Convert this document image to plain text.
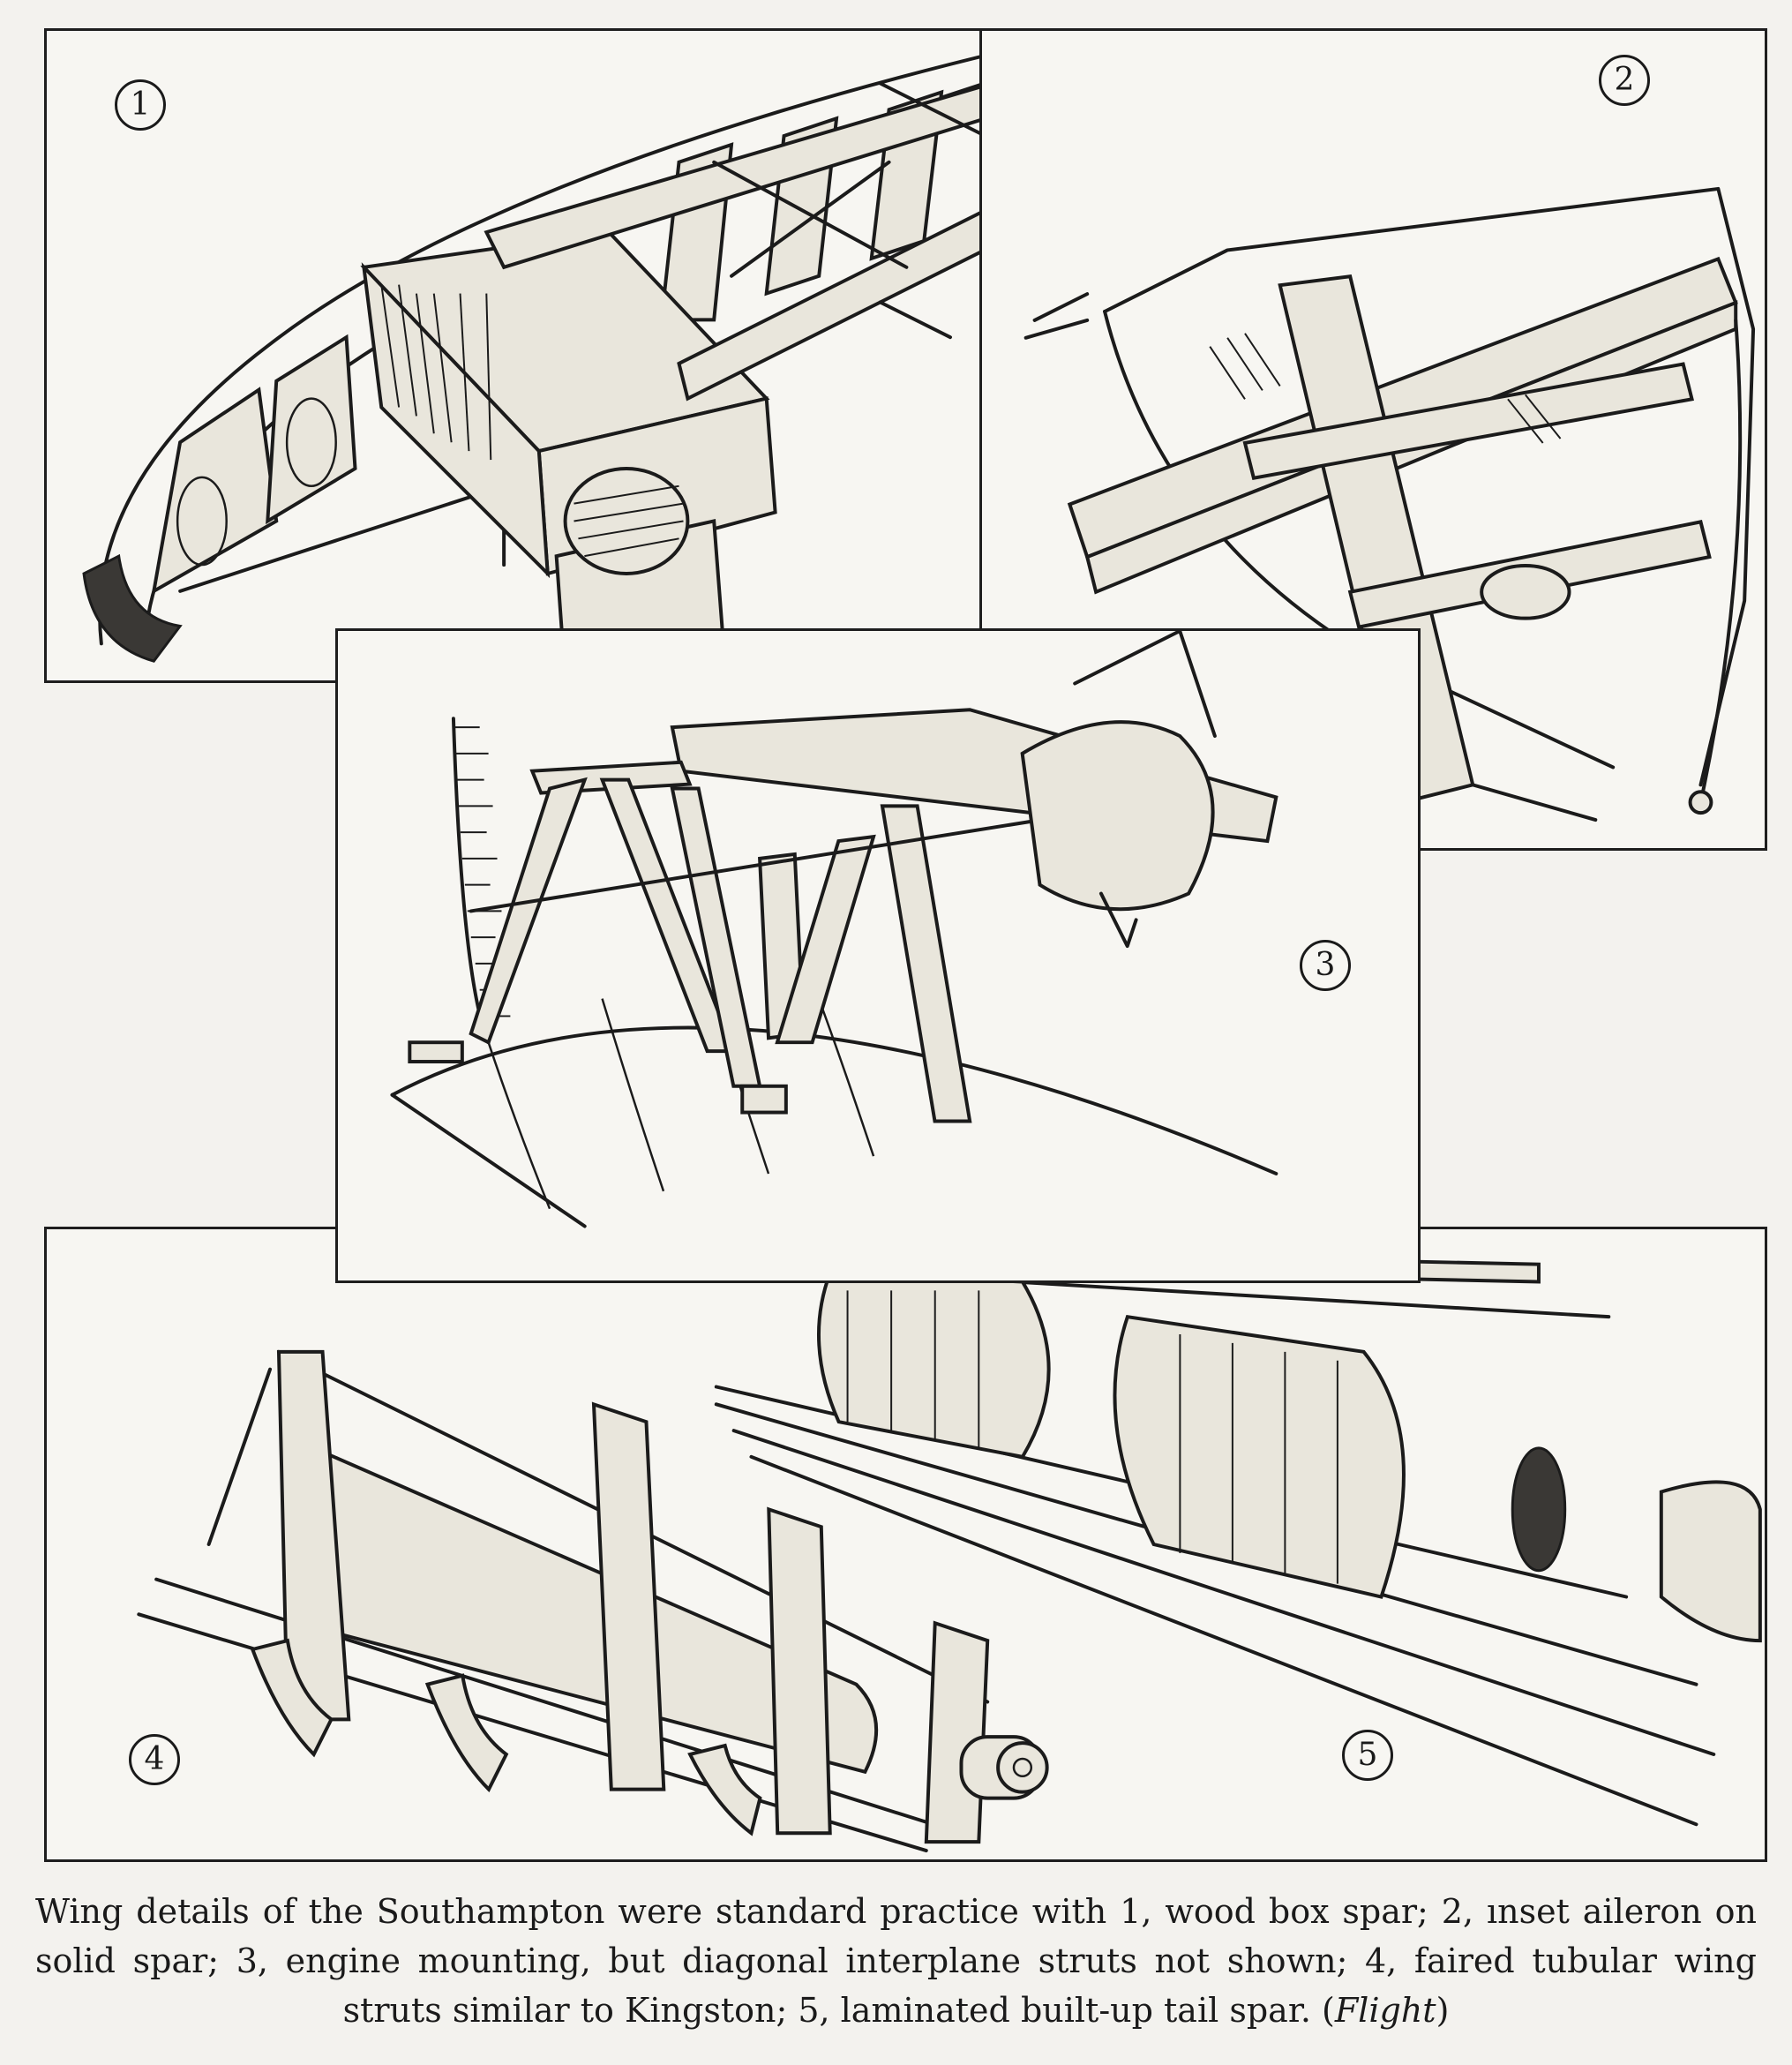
1
2
3
4	5
Wing details of the Southampton were standard practice with 1, wood box spar; 2, ınset aileron on solid spar; 3, engine mounting, but diagonal interplane struts not shown; 4, faired tubular wing struts similar to Kingston; 5, laminated built-up tail spar. (Flight)
